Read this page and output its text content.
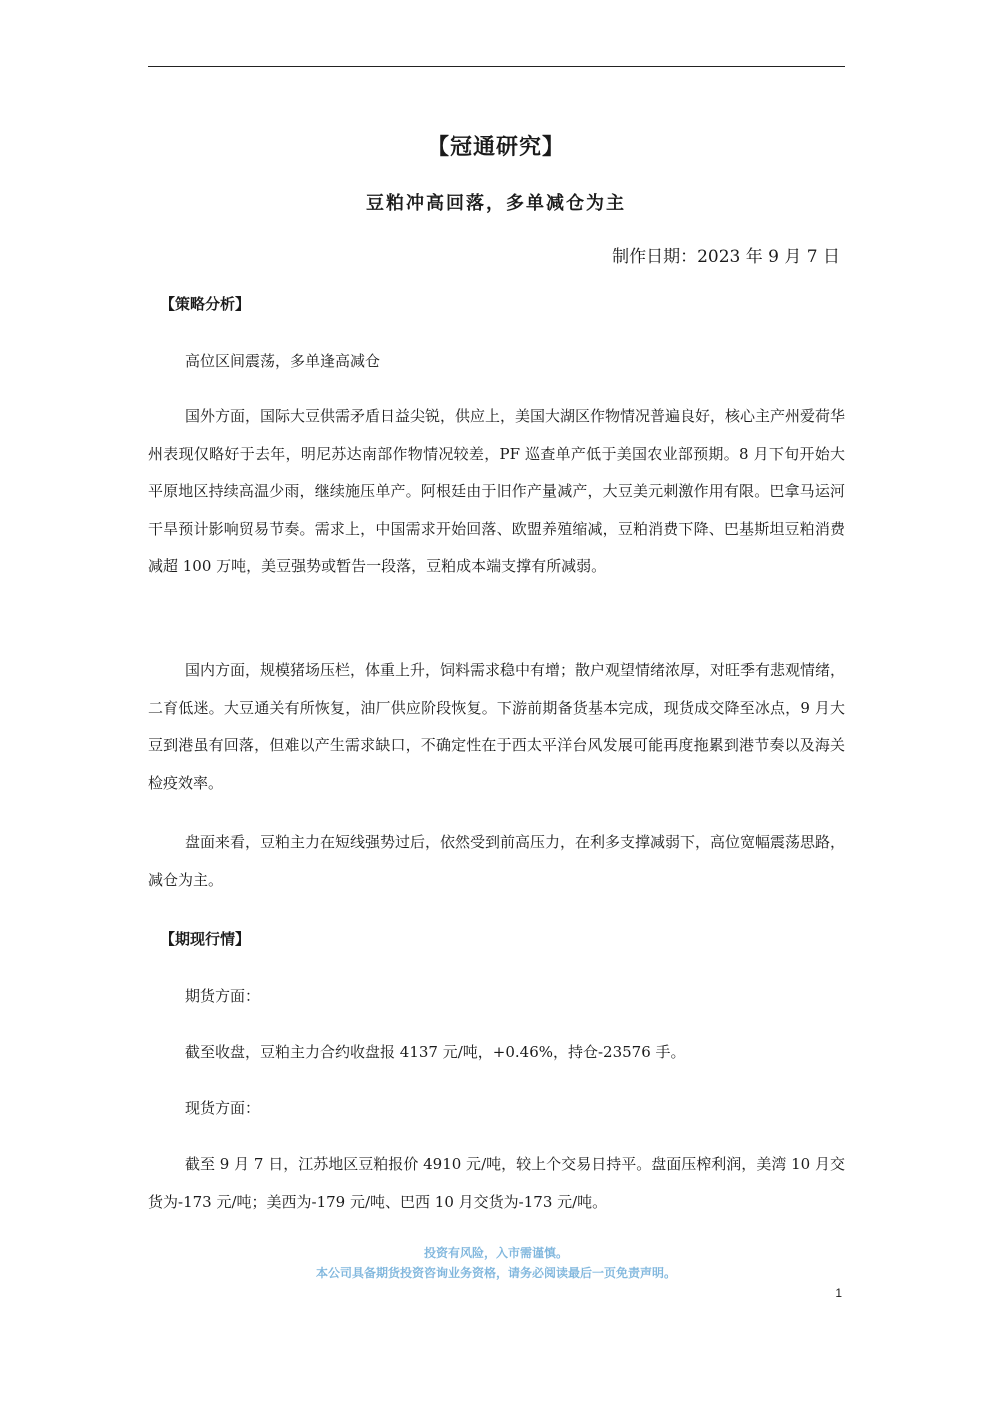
【冠通研究】
豆粕冲高回落，多单减仓为主
制作日期：2023 年 9 月 7 日
【策略分析】

高位区间震荡，多单逢高减仓

国外方面，国际大豆供需矛盾日益尖锐，供应上，美国大湖区作物情况普遍良好，核心主产州爱荷华州表现仅略好于去年，明尼苏达南部作物情况较差，PF 巡查单产低于美国农业部预期。8 月下旬开始大平原地区持续高温少雨，继续施压单产。阿根廷由于旧作产量减产，大豆美元刺激作用有限。巴拿马运河干旱预计影响贸易节奏。需求上，中国需求开始回落、欧盟养殖缩减，豆粕消费下降、巴基斯坦豆粕消费减超 100 万吨，美豆强势或暂告一段落，豆粕成本端支撑有所减弱。

国内方面，规模猪场压栏，体重上升，饲料需求稳中有增；散户观望情绪浓厚，对旺季有悲观情绪，二育低迷。大豆通关有所恢复，油厂供应阶段恢复。下游前期备货基本完成，现货成交降至冰点，9 月大豆到港虽有回落，但难以产生需求缺口，不确定性在于西太平洋台风发展可能再度拖累到港节奏以及海关检疫效率。

盘面来看，豆粕主力在短线强势过后，依然受到前高压力，在利多支撑减弱下，高位宽幅震荡思路，减仓为主。

【期现行情】

期货方面：

截至收盘，豆粕主力合约收盘报 4137 元/吨，+0.46%，持仓-23576 手。

现货方面：

截至 9 月 7 日，江苏地区豆粕报价 4910 元/吨，较上个交易日持平。盘面压榨利润，美湾 10 月交货为-173 元/吨；美西为-179 元/吨、巴西 10 月交货为-173 元/吨。

投资有风险，入市需谨慎。
本公司具备期货投资咨询业务资格，请务必阅读最后一页免责声明。
1
